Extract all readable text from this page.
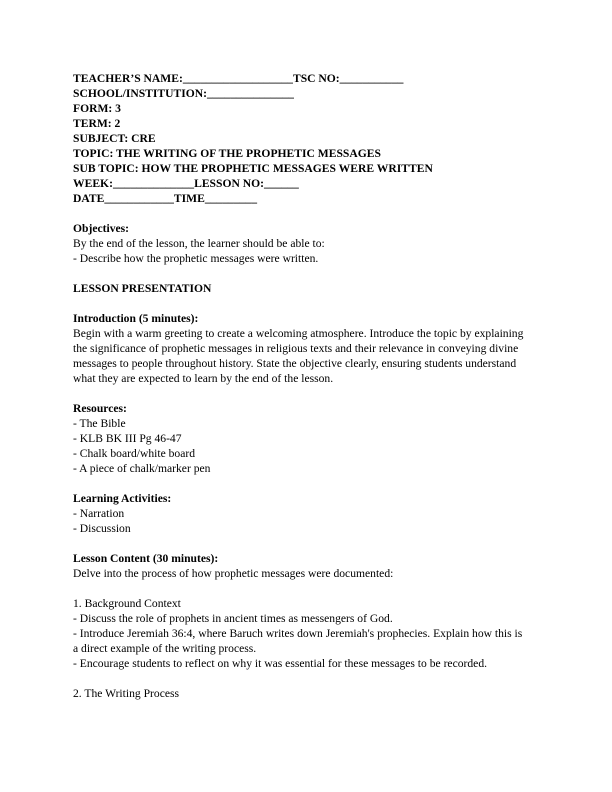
TEACHER’S NAME:___________________TSC NO:___________
SCHOOL/INSTITUTION:_______________
FORM: 3
TERM: 2
SUBJECT: CRE
TOPIC: THE WRITING OF THE PROPHETIC MESSAGES
SUB TOPIC: HOW THE PROPHETIC MESSAGES WERE WRITTEN
WEEK:______________LESSON NO:______
DATE____________TIME_________
Objectives:
By the end of the lesson, the learner should be able to:
- Describe how the prophetic messages were written.
LESSON PRESENTATION
Introduction (5 minutes):
Begin with a warm greeting to create a welcoming atmosphere. Introduce the topic by explaining
the significance of prophetic messages in religious texts and their relevance in conveying divine
messages to people throughout history. State the objective clearly, ensuring students understand
what they are expected to learn by the end of the lesson.
Resources:
- The Bible
- KLB BK III Pg 46-47
- Chalk board/white board
- A piece of chalk/marker pen
Learning Activities:
- Narration
- Discussion
Lesson Content (30 minutes):
Delve into the process of how prophetic messages were documented:
1. Background Context
- Discuss the role of prophets in ancient times as messengers of God.
- Introduce Jeremiah 36:4, where Baruch writes down Jeremiah's prophecies. Explain how this is
a direct example of the writing process.
- Encourage students to reflect on why it was essential for these messages to be recorded.
2. The Writing Process
